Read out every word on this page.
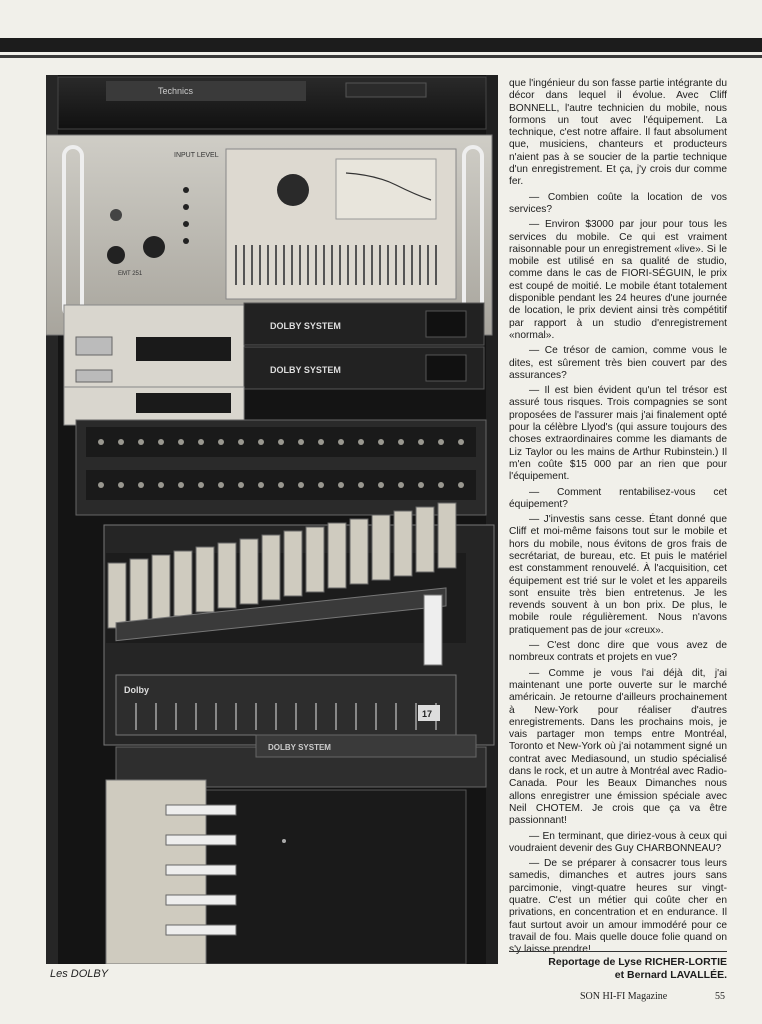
Technics
INPUT LEVEL
EMT 251
DOLBY SYSTEM
DOLBY SYSTEM
Dolby
17
DOLBY SYSTEM
Les DOLBY

que l'ingénieur du son fasse partie intégrante du décor dans lequel il évolue. Avec Cliff BONNELL, l'autre technicien du mobile, nous formons un tout avec l'équipement. La technique, c'est notre affaire. Il faut absolument que, musiciens, chanteurs et producteurs n'aient pas à se soucier de la partie technique d'un enregistrement. Et ça, j'y crois dur comme fer.

— Combien coûte la location de vos services?

— Environ $3000 par jour pour tous les services du mobile. Ce qui est vraiment raisonnable pour un enregistrement «live». Si le mobile est utilisé en sa qualité de studio, comme dans le cas de FIORI-SÉGUIN, le prix est coupé de moitié. Le mobile étant totalement disponible pendant les 24 heures d'une journée de location, le prix devient ainsi très compétitif par rapport à un studio d'enregistrement «normal».

— Ce trésor de camion, comme vous le dites, est sûrement très bien couvert par des assurances?

— Il est bien évident qu'un tel trésor est assuré tous risques. Trois compagnies se sont proposées de l'assurer mais j'ai finalement opté pour la célèbre Llyod's (qui assure toujours des choses extraordinaires comme les diamants de Liz Taylor ou les mains de Arthur Rubinstein.) Il m'en coûte $15 000 par an rien que pour l'équipement.

— Comment rentabilisez-vous cet équipement?

— J'investis sans cesse. Étant donné que Cliff et moi-même faisons tout sur le mobile et hors du mobile, nous évitons de gros frais de secrétariat, de bureau, etc. Et puis le matériel est constamment renouvelé. À l'acquisition, cet équipement est trié sur le volet et les appareils sont ensuite très bien entretenus. Je les revends souvent à un bon prix. De plus, le mobile roule régulièrement. Nous n'avons pratiquement pas de jour «creux».

— C'est donc dire que vous avez de nombreux contrats et projets en vue?

— Comme je vous l'ai déjà dit, j'ai maintenant une porte ouverte sur le marché américain. Je retourne d'ailleurs prochainement à New-York pour réaliser d'autres enregistrements. Dans les prochains mois, je vais partager mon temps entre Montréal, Toronto et New-York où j'ai notamment signé un contrat avec Mediasound, un studio spécialisé dans le rock, et un autre à Montréal avec Radio-Canada. Pour les Beaux Dimanches nous allons enregistrer une émission spéciale avec Neil CHOTEM. Je crois que ça va être passionnant!

— En terminant, que diriez-vous à ceux qui voudraient devenir des Guy CHARBONNEAU?

— De se préparer à consacrer tous leurs samedis, dimanches et autres jours sans parcimonie, vingt-quatre heures sur vingt-quatre. C'est un métier qui coûte cher en privations, en concentration et en endurance. Il faut surtout avoir un amour immodéré pour ce travail de fou. Mais quelle douce folie quand on s'y laisse prendre!

Reportage de Lyse RICHER-LORTIE
et Bernard LAVALLÉE.
SON HI-FI Magazine	55
